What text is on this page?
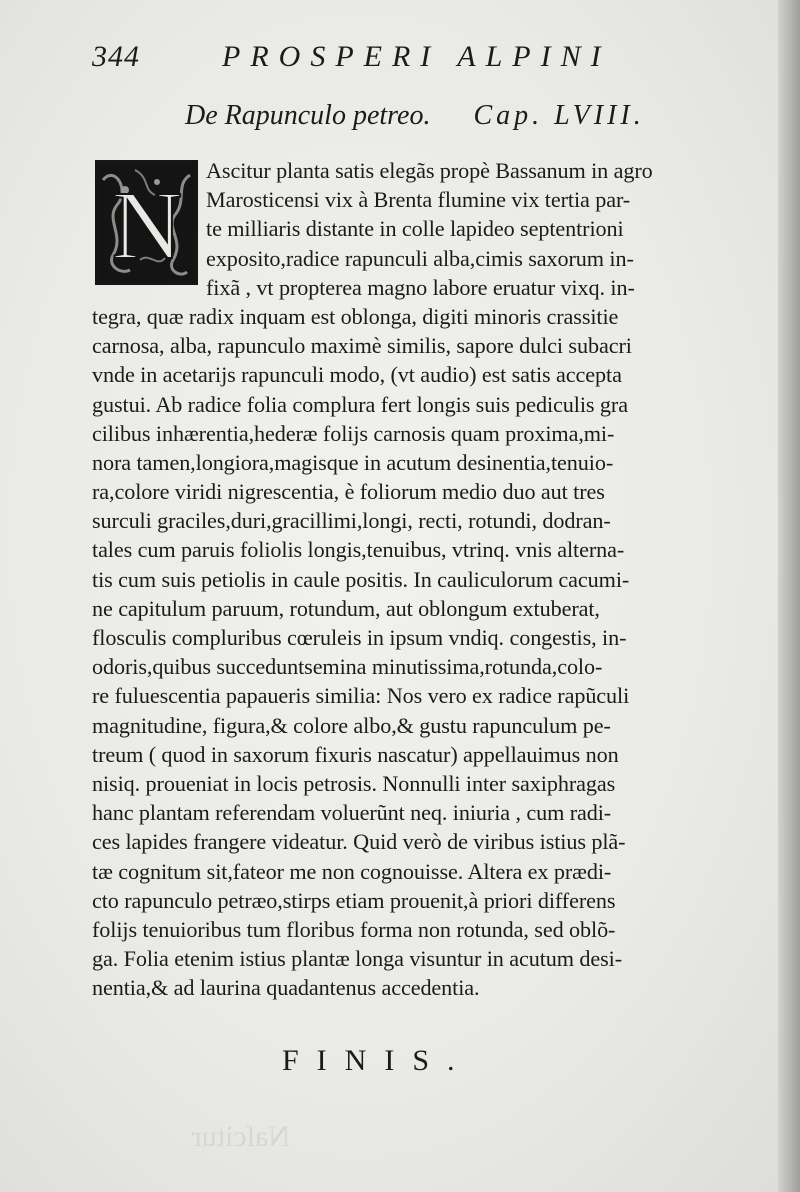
344	PROSPERI ALPINI
De Rapunculo petreo. Cap. LVIII.
N
Ascitur planta satis elegãs propè Bassanum in agro
Marosticensi vix à Brenta flumine vix tertia par-
te milliaris distante in colle lapideo septentrioni
exposito,radice rapunculi alba,cimis saxorum in-
fixã , vt propterea magno labore eruatur vixq. in-
tegra, quæ radix inquam est oblonga, digiti minoris crassitie
carnosa, alba, rapunculo maximè similis, sapore dulci subacri
vnde in acetarijs rapunculi modo, (vt audio) est satis accepta
gustui. Ab radice folia complura fert longis suis pediculis gra
cilibus inhærentia,hederæ folijs carnosis quam proxima,mi-
nora tamen,longiora,magisque in acutum desinentia,tenuio-
ra,colore viridi nigrescentia, è foliorum medio duo aut tres
surculi graciles,duri,gracillimi,longi, recti, rotundi, dodran-
tales cum paruis foliolis longis,tenuibus, vtrinq. vnis alterna-
tis cum suis petiolis in caule positis. In cauliculorum cacumi-
ne capitulum paruum, rotundum, aut oblongum extuberat,
flosculis compluribus cœruleis in ipsum vndiq. congestis, in-
odoris,quibus succeduntsemina minutissima,rotunda,colo-
re fuluescentia papaueris similia: Nos vero ex radice rapũculi
magnitudine, figura,& colore albo,& gustu rapunculum pe-
treum ( quod in saxorum fixuris nascatur) appellauimus non
nisiq. proueniat in locis petrosis. Nonnulli inter saxiphragas
hanc plantam referendam voluerũnt neq. iniuria , cum radi-
ces lapides frangere videatur. Quid verò de viribus istius plã-
tæ cognitum sit,fateor me non cognouisse. Altera ex prædi-
cto rapunculo petræo,stirps etiam prouenit,à priori differens
folijs tenuioribus tum floribus forma non rotunda, sed oblõ-
ga. Folia etenim istius plantæ longa visuntur in acutum desi-
nentia,& ad laurina quadantenus accedentia.
FINIS.
Naſcitur
